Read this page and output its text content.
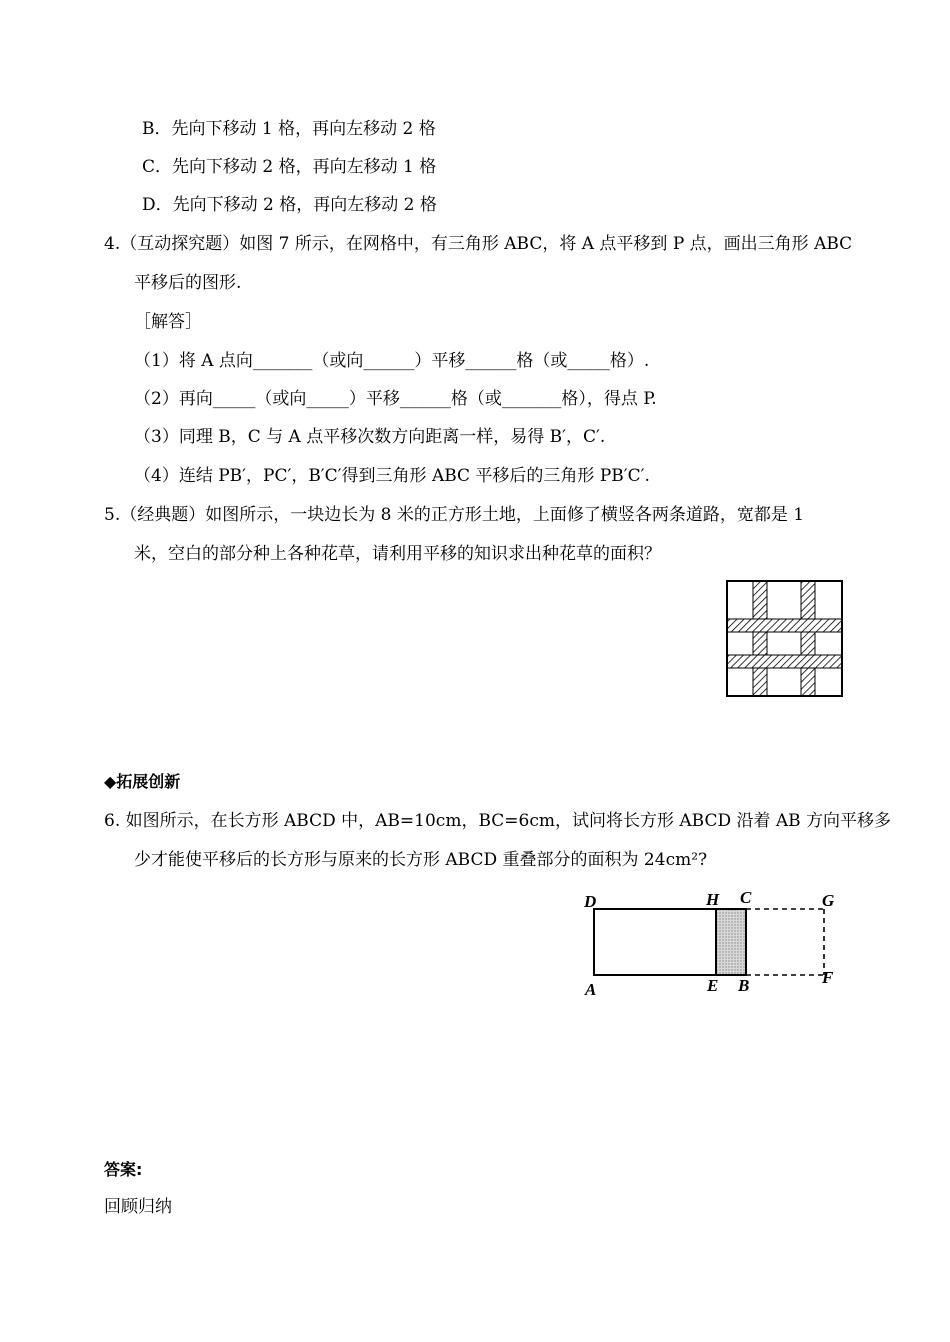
B．先向下移动 1 格，再向左移动 2 格
C．先向下移动 2 格，再向左移动 1 格
D．先向下移动 2 格，再向左移动 2 格
4.（互动探究题）如图 7 所示，在网格中，有三角形 ABC，将 A 点平移到 P 点，画出三角形 ABC
平移后的图形.
［解答］
（1）将 A 点向_______（或向______）平移______格（或_____格）.
（2）再向_____（或向_____）平移______格（或_______格），得点 P.
（3）同理 B，C 与 A 点平移次数方向距离一样，易得 B′，C′.
（4）连结 PB′，PC′，B′C′得到三角形 ABC 平移后的三角形 PB′C′.
5.（经典题）如图所示，一块边长为 8 米的正方形土地，上面修了横竖各两条道路，宽都是 1
米，空白的部分种上各种花草，请利用平移的知识求出种花草的面积？
◆拓展创新
6. 如图所示，在长方形 ABCD 中，AB=10cm，BC=6cm，试问将长方形 ABCD 沿着 AB 方向平移多
少才能使平移后的长方形与原来的长方形 ABCD 重叠部分的面积为 24cm²?
D	H C	G
A	E B	F
答案:
回顾归纳
